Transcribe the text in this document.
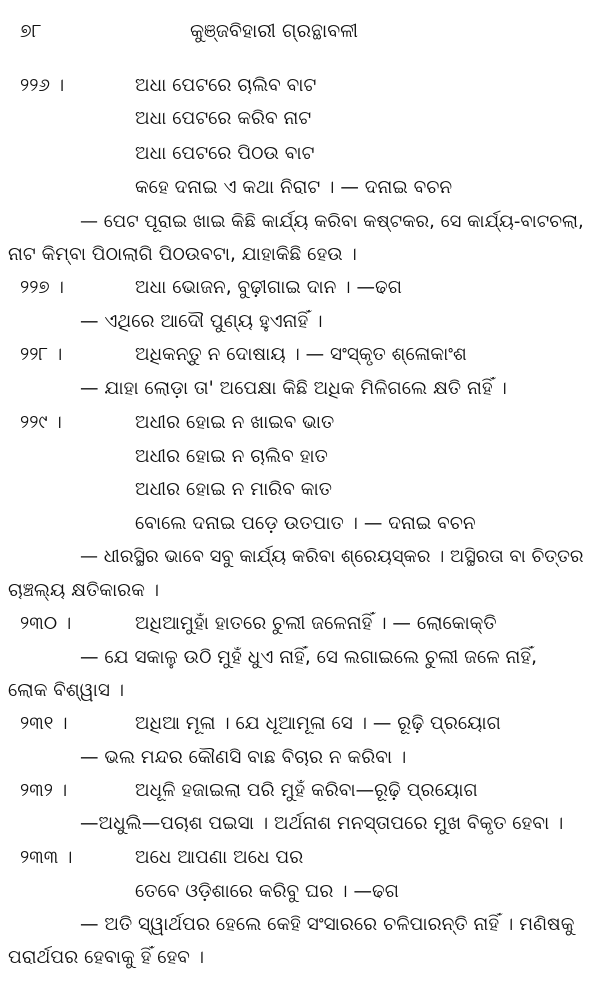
୭୮	କୁଞ୍ଜବିହାରୀ ଗ୍ରନ୍ଥାବଳୀ
୨୨୬ ।	ଅଧା ପେଟରେ ଚାଲିବ ବାଟ
ଅଧା ପେଟରେ କରିବ ନାଟ
ଅଧା ପେଟରେ ପିଠଉ ବାଟ
କହେ ଦନାଇ ଏ କଥା ନିରାଟ । — ଦନାଇ ବଚନ
— ପେଟ ପୂରାଇ ଖାଇ କିଛି କାର୍ଯ୍ୟ କରିବା କଷ୍ଟକର, ସେ କାର୍ଯ୍ୟ-ବାଟଚଲା,
ନାଟ କିମ୍ବା ପିଠାଲାଗି ପିଠଉବଟା, ଯାହାକିଛି ହେଉ ।
୨୨୭ ।	ଅଧା ଭୋଜନ, ବୁଢ଼ୀଗାଇ ଦାନ । —ଢଗ
— ଏଥିରେ ଆଦୌ ପୁଣ୍ୟ ହୁଏନାହିଁ ।
୨୨୮ ।	ଅଧିକନ୍ତୁ ନ ଦୋଷାୟ । — ସଂସ୍କୃତ ଶ୍ଳୋକାଂଶ
— ଯାହା ଲୋଡ଼ା ତା' ଅପେକ୍ଷା କିଛି ଅଧିକ ମିଳିଗଲେ କ୍ଷତି ନାହିଁ ।
୨୨୯ ।	ଅଧୀର ହୋଇ ନ ଖାଇବ ଭାତ
ଅଧୀର ହୋଇ ନ ଚାଲିବ ହାତ
ଅଧୀର ହୋଇ ନ ମାରିବ କାତ
ବୋଲେ ଦନାଇ ପଡ଼େ ଉତପାତ । — ଦନାଇ ବଚନ
— ଧୀରସ୍ଥିର ଭାବେ ସବୁ କାର୍ଯ୍ୟ କରିବା ଶ୍ରେୟସ୍କର । ଅସ୍ଥିରତା ବା ଚିତ୍ତର
ଚାଞ୍ଚଲ୍ୟ କ୍ଷତିକାରକ ।
୨୩୦ ।	ଅଧିଆମୁହାଁ ହାତରେ ଚୁଲୀ ଜଳେନାହିଁ । — ଲୋକୋକ୍ତି
— ଯେ ସକାଳୁ ଉଠି ମୁହଁ ଧୁଏ ନାହିଁ, ସେ ଲଗାଇଲେ ଚୁଲୀ ଜଳେ ନାହିଁ,
ଲୋକ ବିଶ୍ୱାସ ।
୨୩୧ ।	ଅଧିଆ ମୂଳା । ଯେ ଧୂଆମୂଳା ସେ । — ରୂଢ଼ି ପ୍ରୟୋଗ
— ଭଲ ମନ୍ଦର କୌଣସି ବାଛ ବିଚାର ନ କରିବା ।
୨୩୨ ।	ଅଧୂଳି ହଜାଇଲା ପରି ମୁହଁ କରିବା—ରୂଢ଼ି ପ୍ରୟୋଗ
—ଅଧୁଲି—ପଚାଶ ପଇସା । ଅର୍ଥନାଶ ମନସ୍ତାପରେ ମୁଖ ବିକୃତ ହେବା ।
୨୩୩ ।	ଅଧେ ଆପଣା ଅଧେ ପର
ତେବେ ଓଡ଼ିଶାରେ କରିବୁ ଘର । —ଢଗ
— ଅତି ସ୍ୱାର୍ଥପର ହେଲେ କେହି ସଂସାରରେ ଚଳିପାରନ୍ତି ନାହିଁ । ମଣିଷକୁ
ପରାର୍ଥପର ହେବାକୁ ହିଁ ହେବ ।
